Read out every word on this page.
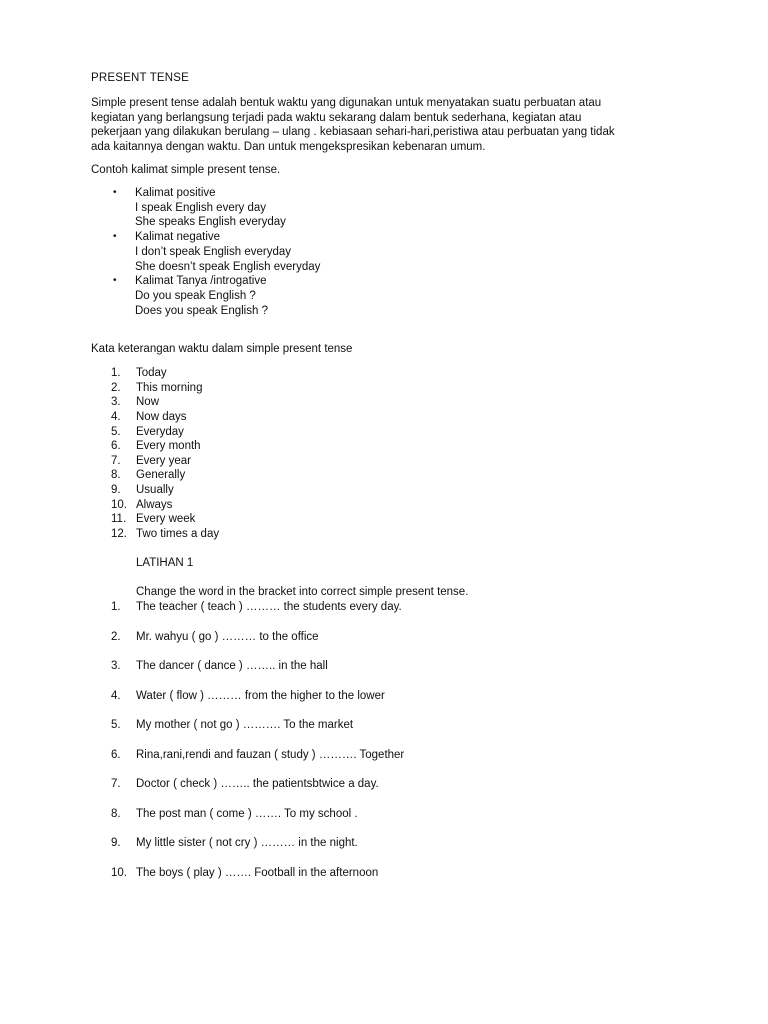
PRESENT TENSE

Simple present tense adalah bentuk waktu yang digunakan untuk menyatakan suatu perbuatan atau

kegiatan yang berlangsung terjadi pada waktu sekarang dalam bentuk sederhana, kegiatan atau

pekerjaan yang dilakukan berulang – ulang . kebiasaan sehari-hari,peristiwa atau perbuatan yang tidak

ada kaitannya dengan waktu. Dan untuk mengekspresikan kebenaran umum.

Contoh kalimat simple present tense.
• Kalimat positive
I speak English every day
She speaks English everyday
• Kalimat negative
I don’t speak English everyday
She doesn’t speak English everyday
• Kalimat Tanya /introgative
Do you speak English ?
Does you speak English ?
Kata keterangan waktu dalam simple present tense
1.	Today
2.	This morning
3.	Now
4.	Now days
5.	Everyday
6.	Every month
7.	Every year
8.	Generally
9.	Usually
10. Always
11. Every week
12. Two times a day
LATIHAN 1
Change the word in the bracket into correct simple present tense.
1.	The teacher ( teach ) ……… the students every day.
2.	Mr. wahyu ( go ) ……… to the office
3.	The dancer ( dance ) …….. in the hall
4.	Water ( flow ) ……… from the higher to the lower
5.	My mother ( not go ) ………. To the market
6.	Rina,rani,rendi and fauzan ( study ) ………. Together
7.	Doctor ( check ) …….. the patientsbtwice a day.
8.	The post man ( come ) ……. To my school .
9.	My little sister ( not cry ) ……… in the night.
10. The boys ( play ) ……. Football in the afternoon
